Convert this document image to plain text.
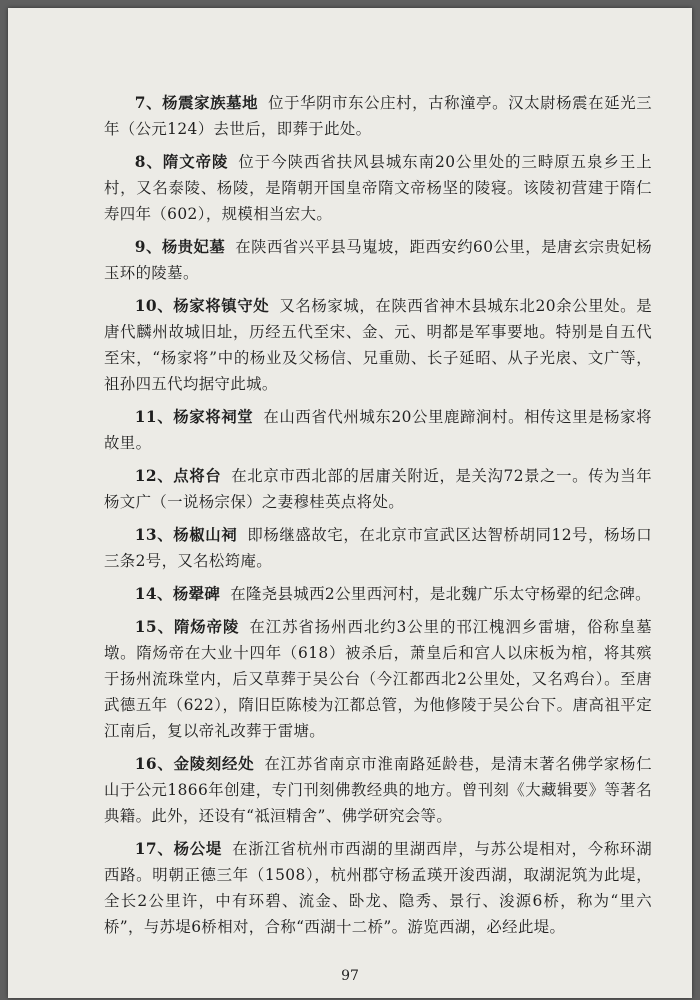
7、杨震家族墓地 位于华阴市东公庄村，古称潼亭。汉太尉杨震在延光三年（公元124）去世后，即葬于此处。

8、隋文帝陵 位于今陕西省扶风县城东南20公里处的三畤原五泉乡王上村，又名泰陵、杨陵，是隋朝开国皇帝隋文帝杨坚的陵寝。该陵初营建于隋仁寿四年（602），规模相当宏大。

9、杨贵妃墓 在陕西省兴平县马嵬坡，距西安约60公里，是唐玄宗贵妃杨玉环的陵墓。

10、杨家将镇守处 又名杨家城，在陕西省神木县城东北20余公里处。是唐代麟州故城旧址，历经五代至宋、金、元、明都是军事要地。特别是自五代至宋，“杨家将”中的杨业及父杨信、兄重勋、长子延昭、从子光扆、文广等，祖孙四五代均据守此城。

11、杨家将祠堂 在山西省代州城东20公里鹿蹄涧村。相传这里是杨家将故里。

12、点将台 在北京市西北部的居庸关附近，是关沟72景之一。传为当年杨文广（一说杨宗保）之妻穆桂英点将处。

13、杨椒山祠 即杨继盛故宅，在北京市宣武区达智桥胡同12号，杨场口三条2号，又名松筠庵。

14、杨翚碑 在隆尧县城西2公里西河村，是北魏广乐太守杨翚的纪念碑。

15、隋炀帝陵 在江苏省扬州西北约3公里的邗江槐泗乡雷塘，俗称皇墓墩。隋炀帝在大业十四年（618）被杀后，萧皇后和宫人以床板为棺，将其殡于扬州流珠堂内，后又草葬于吴公台（今江都西北2公里处，又名鸡台）。至唐武德五年（622），隋旧臣陈棱为江都总管，为他修陵于吴公台下。唐高祖平定江南后，复以帝礼改葬于雷塘。

16、金陵刻经处 在江苏省南京市淮南路延龄巷，是清末著名佛学家杨仁山于公元1866年创建，专门刊刻佛教经典的地方。曾刊刻《大藏辑要》等著名典籍。此外，还设有“祗洹精舍”、佛学研究会等。

17、杨公堤 在浙江省杭州市西湖的里湖西岸，与苏公堤相对，今称环湖西路。明朝正德三年（1508），杭州郡守杨孟瑛开浚西湖，取湖泥筑为此堤，全长2公里许，中有环碧、流金、卧龙、隐秀、景行、浚源6桥，称为“里六桥”，与苏堤6桥相对，合称“西湖十二桥”。游览西湖，必经此堤。

97
